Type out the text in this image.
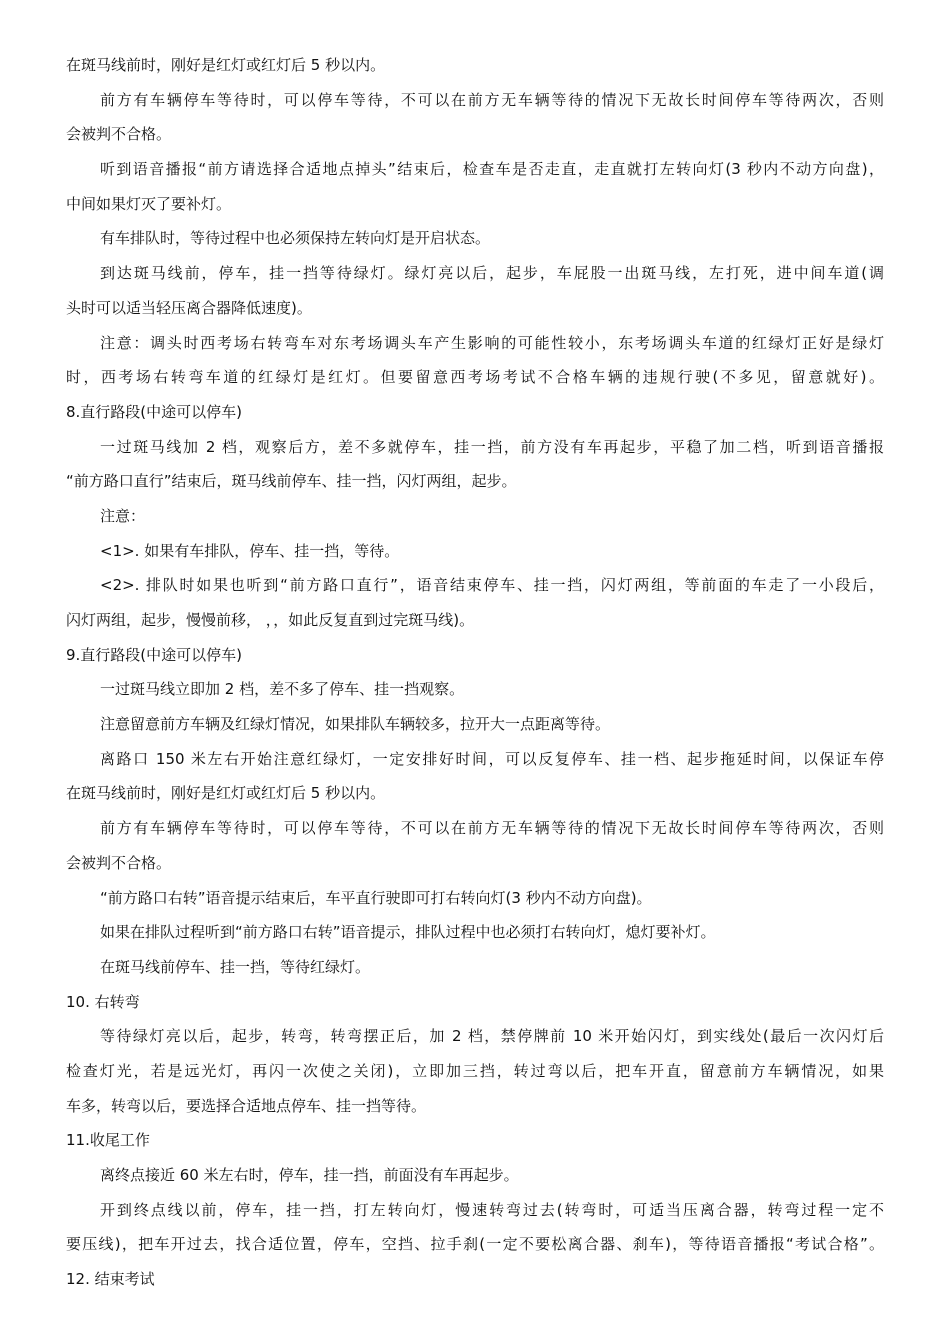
在斑马线前时，刚好是红灯或红灯后 5 秒以内。
前方有车辆停车等待时，可以停车等待，不可以在前方无车辆等待的情况下无故长时间停车等待两次，否则
会被判不合格。
听到语音播报“前方请选择合适地点掉头”结束后，检查车是否走直，走直就打左转向灯(3 秒内不动方向盘)，
中间如果灯灭了要补灯。
有车排队时，等待过程中也必须保持左转向灯是开启状态。
到达斑马线前，停车，挂一挡等待绿灯。绿灯亮以后，起步，车屁股一出斑马线，左打死，进中间车道(调
头时可以适当轻压离合器降低速度)。
注意：调头时西考场右转弯车对东考场调头车产生影响的可能性较小，东考场调头车道的红绿灯正好是绿灯
时，西考场右转弯车道的红绿灯是红灯。但要留意西考场考试不合格车辆的违规行驶(不多见，留意就好)。
8.直行路段(中途可以停车)
一过斑马线加 2 档，观察后方，差不多就停车，挂一挡，前方没有车再起步，平稳了加二档，听到语音播报
“前方路口直行”结束后，斑马线前停车、挂一挡，闪灯两组，起步。
注意：
<1>. 如果有车排队，停车、挂一挡，等待。
<2>. 排队时如果也听到“前方路口直行”，语音结束停车、挂一挡，闪灯两组，等前面的车走了一小段后，
闪灯两组，起步，慢慢前移， ，，如此反复直到过完斑马线)。
9.直行路段(中途可以停车)
一过斑马线立即加 2 档，差不多了停车、挂一挡观察。
注意留意前方车辆及红绿灯情况，如果排队车辆较多，拉开大一点距离等待。
离路口 150 米左右开始注意红绿灯，一定安排好时间，可以反复停车、挂一档、起步拖延时间，以保证车停
在斑马线前时，刚好是红灯或红灯后 5 秒以内。
前方有车辆停车等待时，可以停车等待，不可以在前方无车辆等待的情况下无故长时间停车等待两次，否则
会被判不合格。
“前方路口右转”语音提示结束后，车平直行驶即可打右转向灯(3 秒内不动方向盘)。
如果在排队过程听到“前方路口右转”语音提示，排队过程中也必须打右转向灯，熄灯要补灯。
在斑马线前停车、挂一挡，等待红绿灯。
10. 右转弯
等待绿灯亮以后，起步，转弯，转弯摆正后，加 2 档，禁停牌前 10 米开始闪灯，到实线处(最后一次闪灯后
检查灯光，若是远光灯，再闪一次使之关闭)，立即加三挡，转过弯以后，把车开直，留意前方车辆情况，如果
车多，转弯以后，要选择合适地点停车、挂一挡等待。
11.收尾工作
离终点接近 60 米左右时，停车，挂一挡，前面没有车再起步。
开到终点线以前，停车，挂一挡，打左转向灯，慢速转弯过去(转弯时，可适当压离合器，转弯过程一定不
要压线)，把车开过去，找合适位置，停车，空挡、拉手刹(一定不要松离合器、刹车)，等待语音播报“考试合格”。
12. 结束考试
